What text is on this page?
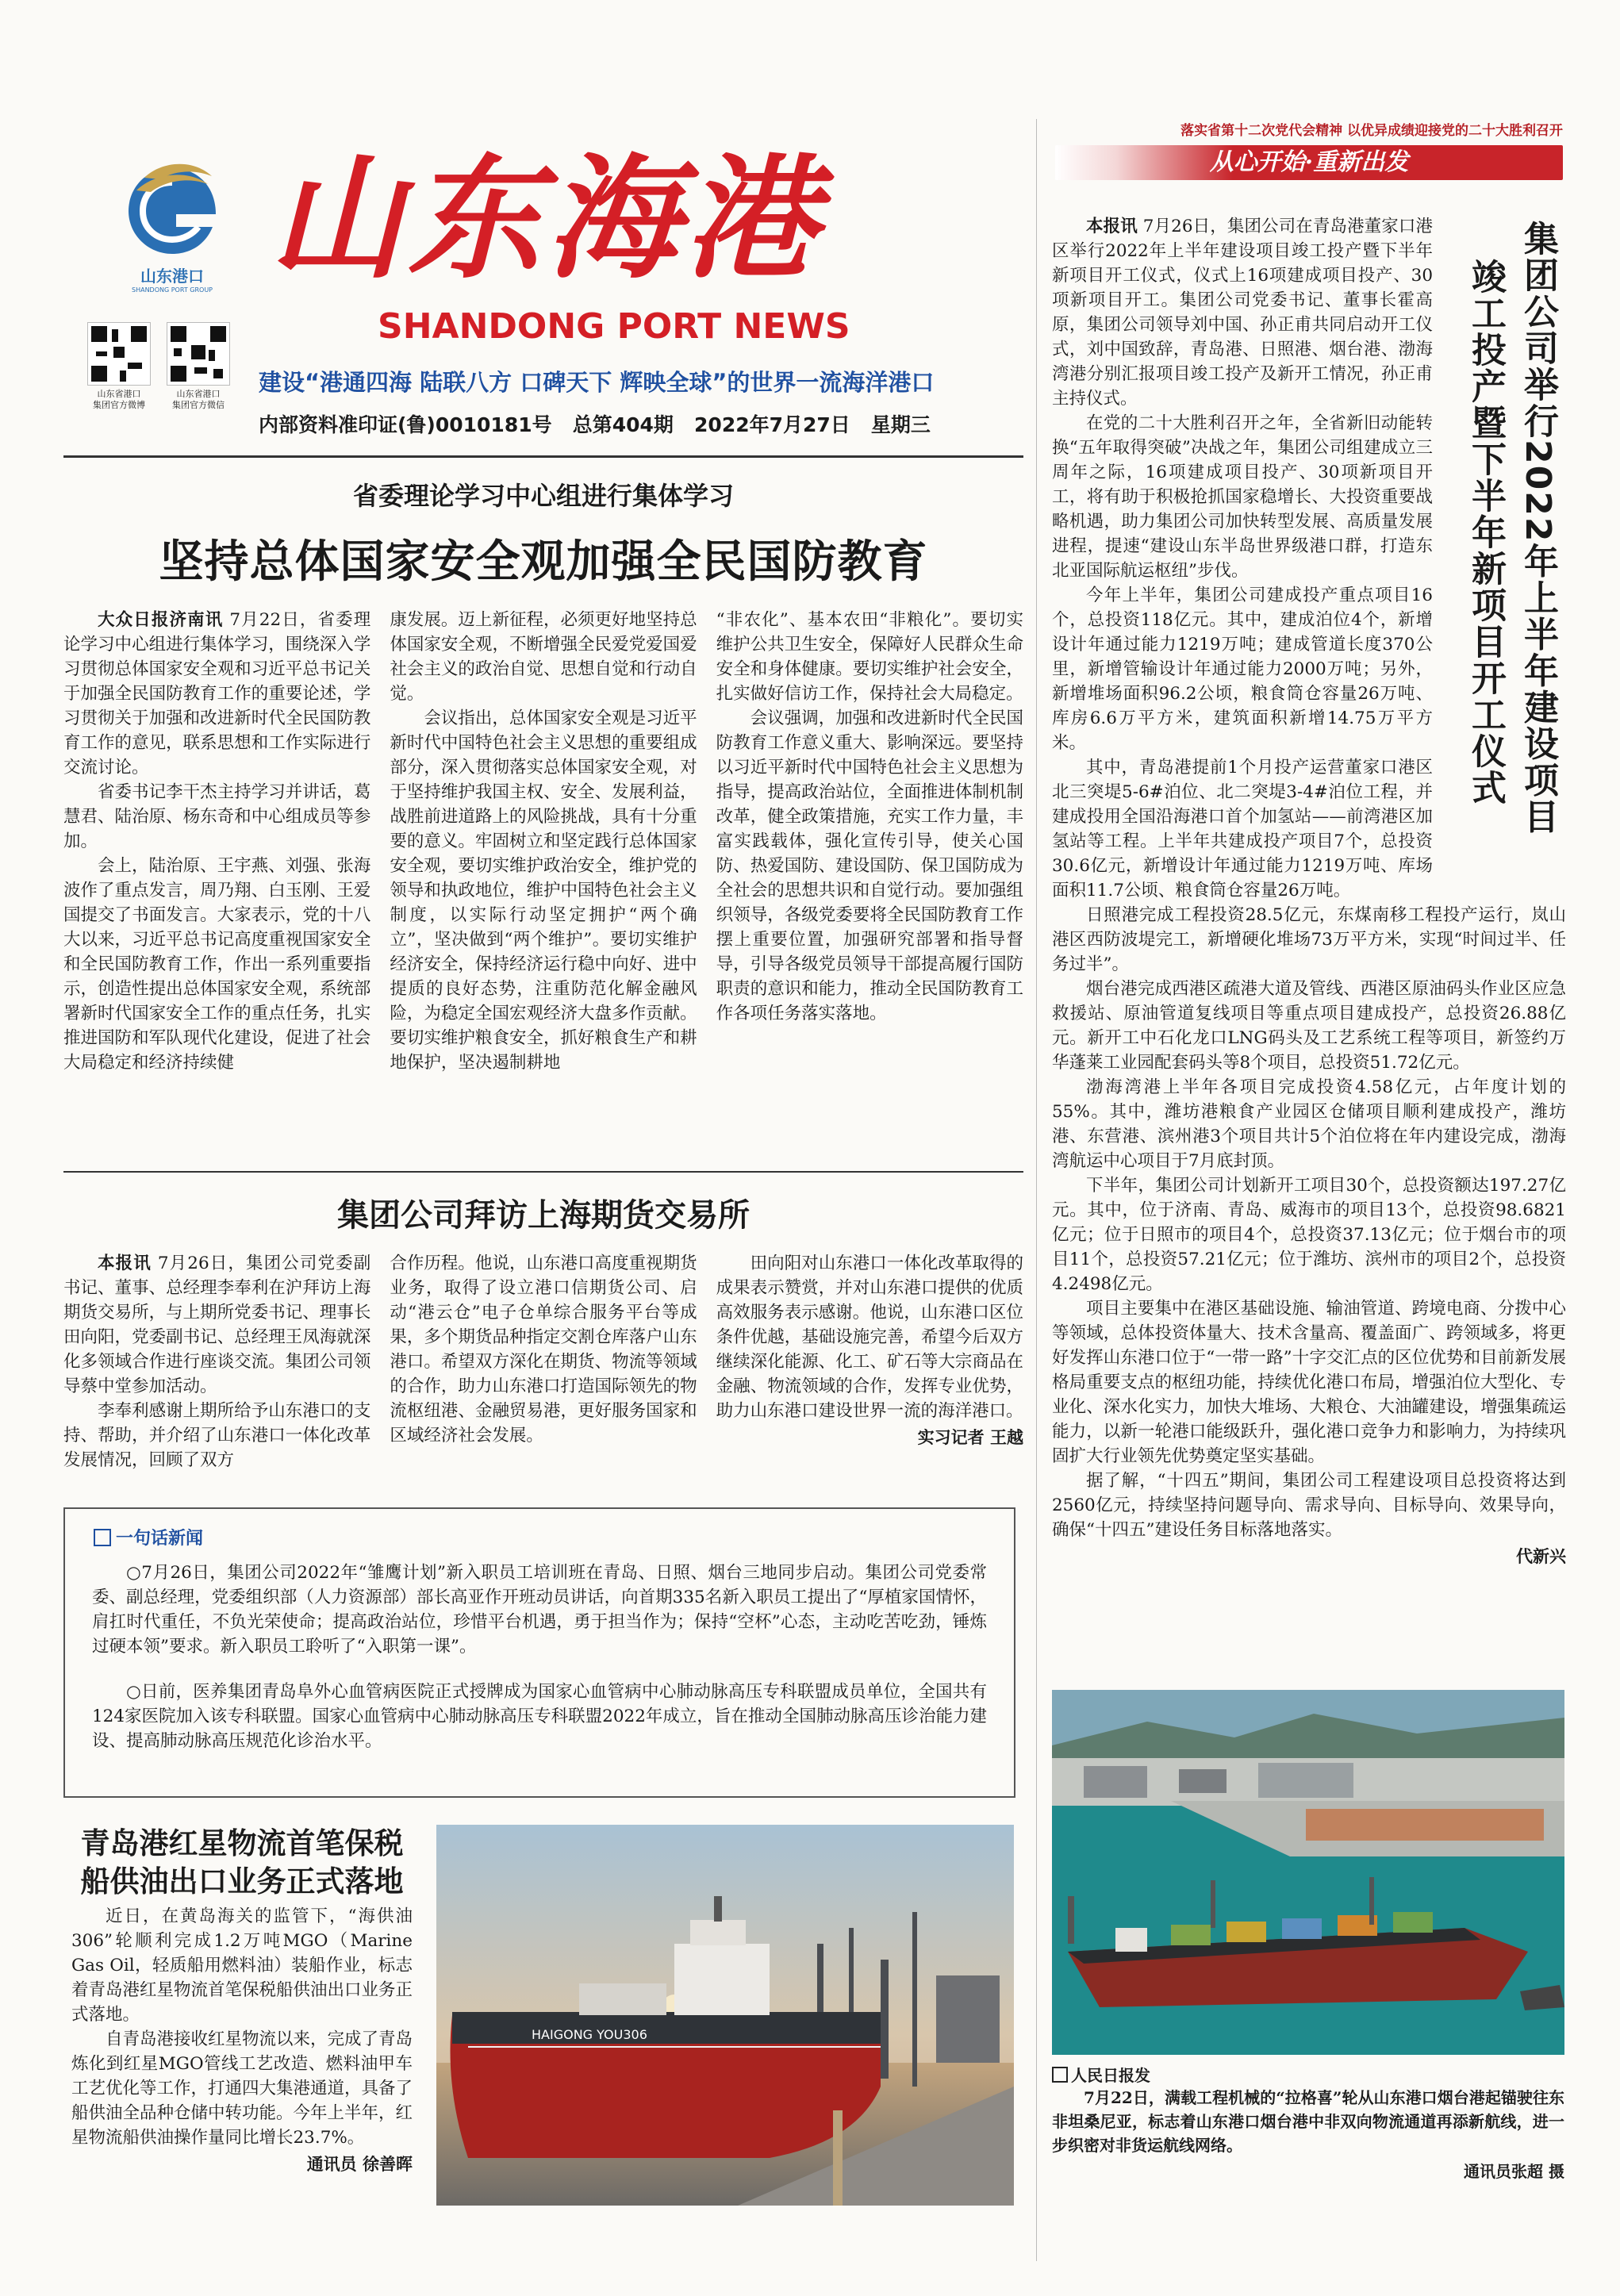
山东港口
SHANDONG PORT GROUP
山东省港口
集团官方微博
山东省港口
集团官方微信
山东海港
SHANDONG PORT NEWS
建设“港通四海 陆联八方 口碑天下 辉映全球”的世界一流海洋港口
内部资料准印证(鲁)0010181号   总第404期   2022年7月27日   星期三
落实省第十二次党代会精神 以优异成绩迎接党的二十大胜利召开
从心开始·重新出发
省委理论学习中心组进行集体学习
坚持总体国家安全观加强全民国防教育

大众日报济南讯 7月22日，省委理论学习中心组进行集体学习，围绕深入学习贯彻总体国家安全观和习近平总书记关于加强全民国防教育工作的重要论述，学习贯彻关于加强和改进新时代全民国防教育工作的意见，联系思想和工作实际进行交流讨论。

省委书记李干杰主持学习并讲话，葛慧君、陆治原、杨东奇和中心组成员等参加。

会上，陆治原、王宇燕、刘强、张海波作了重点发言，周乃翔、白玉刚、王爱国提交了书面发言。大家表示，党的十八大以来，习近平总书记高度重视国家安全和全民国防教育工作，作出一系列重要指示，创造性提出总体国家安全观，系统部署新时代国家安全工作的重点任务，扎实推进国防和军队现代化建设，促进了社会大局稳定和经济持续健

康发展。迈上新征程，必须更好地坚持总体国家安全观，不断增强全民爱党爱国爱社会主义的政治自觉、思想自觉和行动自觉。

会议指出，总体国家安全观是习近平新时代中国特色社会主义思想的重要组成部分，深入贯彻落实总体国家安全观，对于坚持维护我国主权、安全、发展利益，战胜前进道路上的风险挑战，具有十分重要的意义。牢固树立和坚定践行总体国家安全观，要切实维护政治安全，维护党的领导和执政地位，维护中国特色社会主义制度，以实际行动坚定拥护“两个确立”，坚决做到“两个维护”。要切实维护经济安全，保持经济运行稳中向好、进中提质的良好态势，注重防范化解金融风险，为稳定全国宏观经济大盘多作贡献。要切实维护粮食安全，抓好粮食生产和耕地保护，坚决遏制耕地

“非农化”、基本农田“非粮化”。要切实维护公共卫生安全，保障好人民群众生命安全和身体健康。要切实维护社会安全，扎实做好信访工作，保持社会大局稳定。

会议强调，加强和改进新时代全民国防教育工作意义重大、影响深远。要坚持以习近平新时代中国特色社会主义思想为指导，提高政治站位，全面推进体制机制改革，健全政策措施，充实工作力量，丰富实践载体，强化宣传引导，使关心国防、热爱国防、建设国防、保卫国防成为全社会的思想共识和自觉行动。要加强组织领导，各级党委要将全民国防教育工作摆上重要位置，加强研究部署和指导督导，引导各级党员领导干部提高履行国防职责的意识和能力，推动全民国防教育工作各项任务落实落地。

集团公司拜访上海期货交易所

本报讯 7月26日，集团公司党委副书记、董事、总经理李奉利在沪拜访上海期货交易所，与上期所党委书记、理事长田向阳，党委副书记、总经理王凤海就深化多领域合作进行座谈交流。集团公司领导蔡中堂参加活动。

李奉利感谢上期所给予山东港口的支持、帮助，并介绍了山东港口一体化改革发展情况，回顾了双方

合作历程。他说，山东港口高度重视期货业务，取得了设立港口信期货公司、启动“港云仓”电子仓单综合服务平台等成果，多个期货品种指定交割仓库落户山东港口。希望双方深化在期货、物流等领域的合作，助力山东港口打造国际领先的物流枢纽港、金融贸易港，更好服务国家和区域经济社会发展。

田向阳对山东港口一体化改革取得的成果表示赞赏，并对山东港口提供的优质高效服务表示感谢。他说，山东港口区位条件优越，基础设施完善，希望今后双方继续深化能源、化工、矿石等大宗商品在金融、物流领域的合作，发挥专业优势，助力山东港口建设世界一流的海洋港口。

实习记者 王越
一句话新闻

○7月26日，集团公司2022年“雏鹰计划”新入职员工培训班在青岛、日照、烟台三地同步启动。集团公司党委常委、副总经理，党委组织部（人力资源部）部长高亚作开班动员讲话，向首期335名新入职员工提出了“厚植家国情怀，肩扛时代重任，不负光荣使命；提高政治站位，珍惜平台机遇，勇于担当作为；保持“空杯”心态，主动吃苦吃劲，锤炼过硬本领”要求。新入职员工聆听了“入职第一课”。

○日前，医养集团青岛阜外心血管病医院正式授牌成为国家心血管病中心肺动脉高压专科联盟成员单位，全国共有124家医院加入该专科联盟。国家心血管病中心肺动脉高压专科联盟2022年成立，旨在推动全国肺动脉高压诊治能力建设、提高肺动脉高压规范化诊治水平。

青岛港红星物流首笔保税
船供油出口业务正式落地

近日，在黄岛海关的监管下，“海供油306”轮顺利完成1.2万吨MGO（Marine Gas Oil，轻质船用燃料油）装船作业，标志着青岛港红星物流首笔保税船供油出口业务正式落地。

自青岛港接收红星物流以来，完成了青岛炼化到红星MGO管线工艺改造、燃料油甲车工艺优化等工作，打通四大集港通道，具备了船供油全品种仓储中转功能。今年上半年，红星物流船供油操作量同比增长23.7%。

通讯员 徐善晖
HAIGONG YOU306
集团公司举行2022年上半年建设项目
竣工投产暨下半年新项目开工仪式

本报讯 7月26日，集团公司在青岛港董家口港区举行2022年上半年建设项目竣工投产暨下半年新项目开工仪式，仪式上16项建成项目投产、30项新项目开工。集团公司党委书记、董事长霍高原，集团公司领导刘中国、孙正甫共同启动开工仪式，刘中国致辞，青岛港、日照港、烟台港、渤海湾港分别汇报项目竣工投产及新开工情况，孙正甫主持仪式。

在党的二十大胜利召开之年，全省新旧动能转换“五年取得突破”决战之年，集团公司组建成立三周年之际，16项建成项目投产、30项新项目开工，将有助于积极抢抓国家稳增长、大投资重要战略机遇，助力集团公司加快转型发展、高质量发展进程，提速“建设山东半岛世界级港口群，打造东北亚国际航运枢纽”步伐。

今年上半年，集团公司建成投产重点项目16个，总投资118亿元。其中，建成泊位4个，新增设计年通过能力1219万吨；建成管道长度370公里，新增管输设计年通过能力2000万吨；另外，新增堆场面积96.2公顷，粮食筒仓容量26万吨、库房6.6万平方米，建筑面积新增14.75万平方米。

其中，青岛港提前1个月投产运营董家口港区北三突堤5-6#泊位、北二突堤3-4#泊位工程，并建成投用全国沿海港口首个加氢站——前湾港区加氢站等工程。上半年共建成投产项目7个，总投资30.6亿元，新增设计年通过能力1219万吨、库场面积11.7公顷、粮食筒仓容量26万吨。

日照港完成工程投资28.5亿元，东煤南移工程投产运行，岚山港区西防波堤完工，新增硬化堆场73万平方米，实现“时间过半、任务过半”。

烟台港完成西港区疏港大道及管线、西港区原油码头作业区应急救援站、原油管道复线项目等重点项目建成投产，总投资26.88亿元。新开工中石化龙口LNG码头及工艺系统工程等项目，新签约万华蓬莱工业园配套码头等8个项目，总投资51.72亿元。

渤海湾港上半年各项目完成投资4.58亿元，占年度计划的55%。其中，潍坊港粮食产业园区仓储项目顺利建成投产，潍坊港、东营港、滨州港3个项目共计5个泊位将在年内建设完成，渤海湾航运中心项目于7月底封顶。

下半年，集团公司计划新开工项目30个，总投资额达197.27亿元。其中，位于济南、青岛、威海市的项目13个，总投资98.6821亿元；位于日照市的项目4个，总投资37.13亿元；位于烟台市的项目11个，总投资57.21亿元；位于潍坊、滨州市的项目2个，总投资4.2498亿元。

项目主要集中在港区基础设施、输油管道、跨境电商、分拨中心等领域，总体投资体量大、技术含量高、覆盖面广、跨领域多，将更好发挥山东港口位于“一带一路”十字交汇点的区位优势和目前新发展格局重要支点的枢纽功能，持续优化港口布局，增强泊位大型化、专业化、深水化实力，加快大堆场、大粮仓、大油罐建设，增强集疏运能力，以新一轮港口能级跃升，强化港口竞争力和影响力，为持续巩固扩大行业领先优势奠定坚实基础。

据了解，“十四五”期间，集团公司工程建设项目总投资将达到2560亿元，持续坚持问题导向、需求导向、目标导向、效果导向，确保“十四五”建设任务目标落地落实。

代新兴
人民日报发

7月22日，满载工程机械的“拉格喜”轮从山东港口烟台港起锚驶往东非坦桑尼亚，标志着山东港口烟台港中非双向物流通道再添新航线，进一步织密对非货运航线网络。

通讯员张超 摄
